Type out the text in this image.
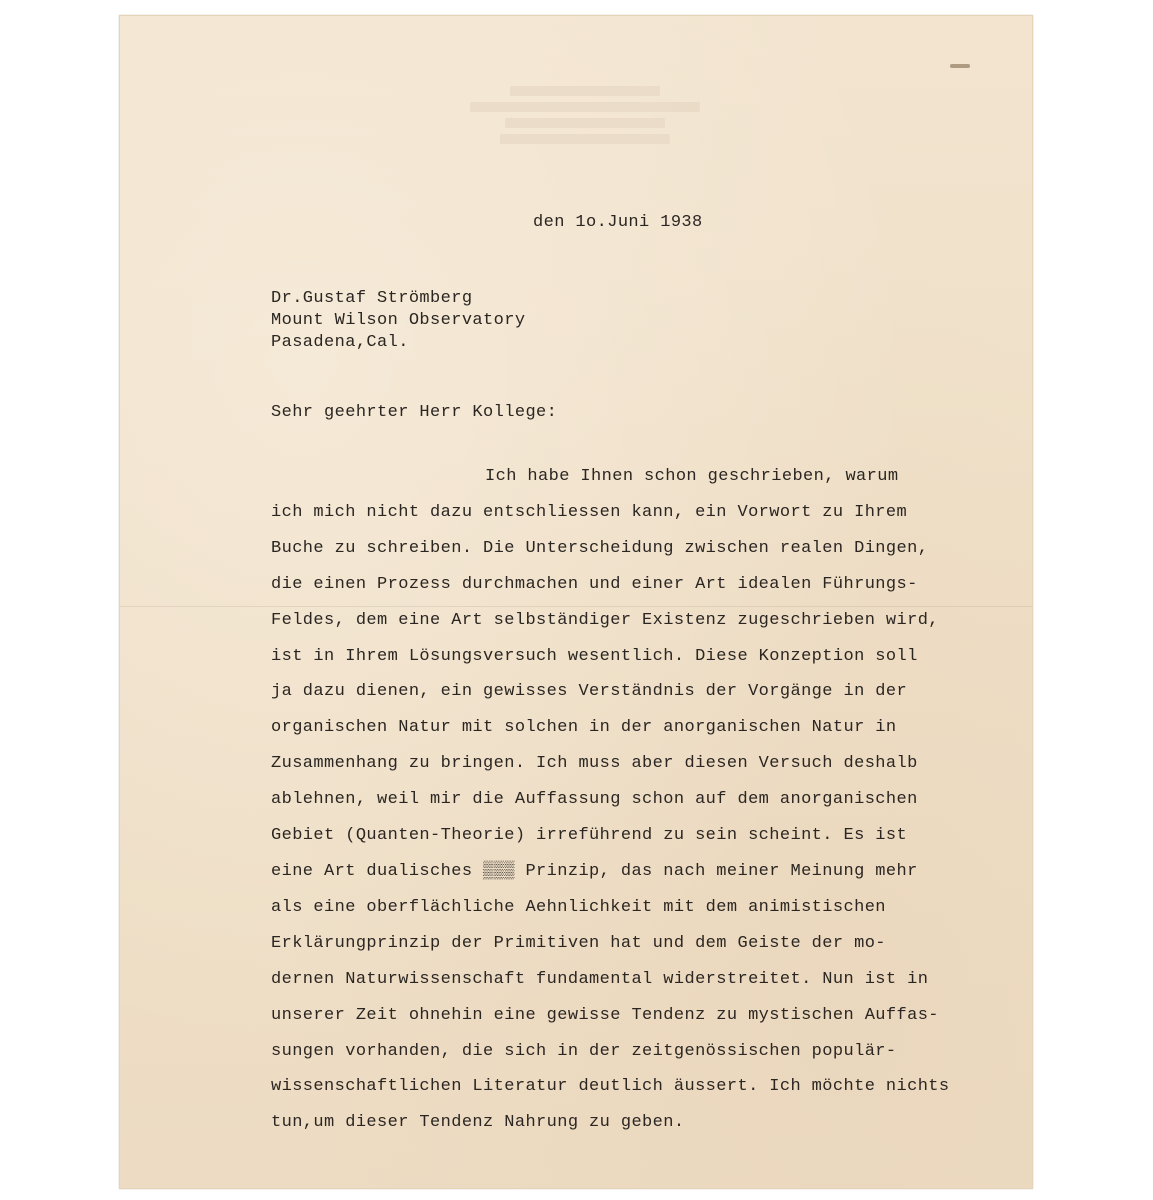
den 1o.Juni 1938
Dr.Gustaf Strömberg
Mount Wilson Observatory
Pasadena,Cal.
Sehr geehrter Herr Kollege:
Ich habe Ihnen schon geschrieben, warum
ich mich nicht dazu entschliessen kann, ein Vorwort zu Ihrem
Buche zu schreiben. Die Unterscheidung zwischen realen Dingen,
die einen Prozess durchmachen und einer Art idealen Führungs-
Feldes, dem eine Art selbständiger Existenz zugeschrieben wird,
ist in Ihrem Lösungsversuch wesentlich. Diese Konzeption soll
ja dazu dienen, ein gewisses Verständnis der Vorgänge in der
organischen Natur mit solchen in der anorganischen Natur in
Zusammenhang zu bringen. Ich muss aber diesen Versuch deshalb
ablehnen, weil mir die Auffassung schon auf dem anorganischen
Gebiet (Quanten-Theorie) irreführend zu sein scheint. Es ist
eine Art dualisches ▒▒▒ Prinzip, das nach meiner Meinung mehr
als eine oberflächliche Aehnlichkeit mit dem animistischen
Erklärungprinzip der Primitiven hat und dem Geiste der mo-
dernen Naturwissenschaft fundamental widerstreitet. Nun ist in
unserer Zeit ohnehin eine gewisse Tendenz zu mystischen Auffas-
sungen vorhanden, die sich in der zeitgenössischen populär-
wissenschaftlichen Literatur deutlich äussert. Ich möchte nichts
tun,um dieser Tendenz Nahrung zu geben.
